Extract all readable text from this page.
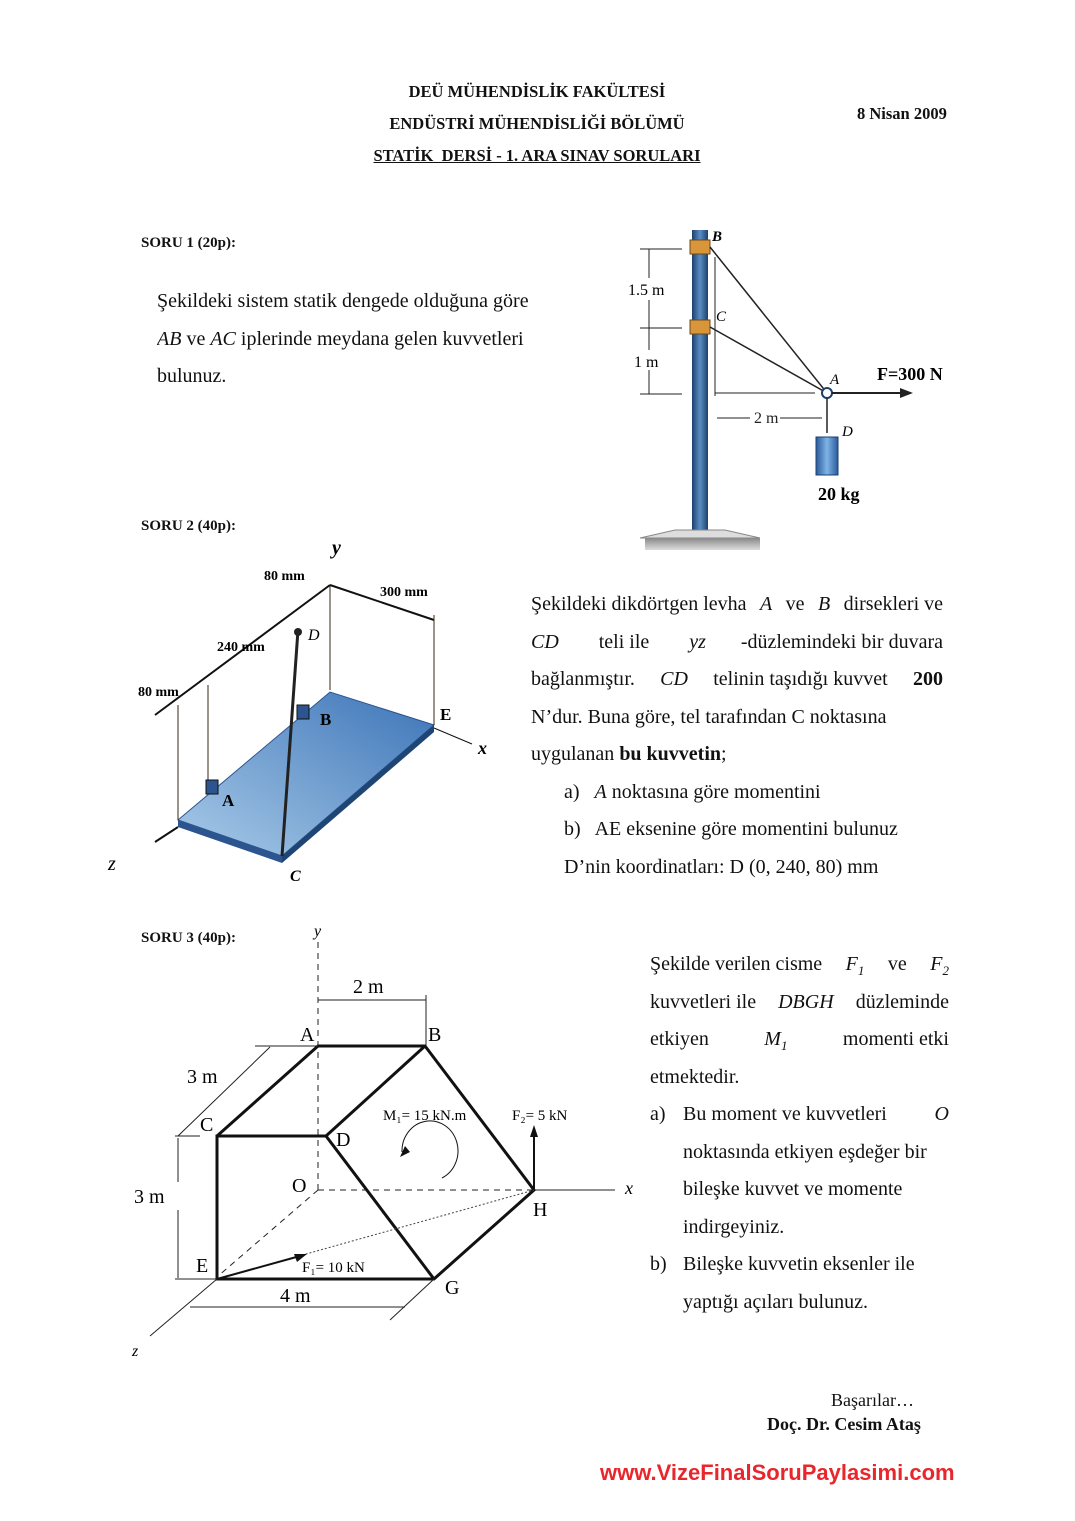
DEÜ MÜHENDİSLİK FAKÜLTESİ
ENDÜSTRİ MÜHENDİSLİĞİ BÖLÜMÜ
STATİK  DERSİ - 1. ARA SINAV SORULARI
8 Nisan 2009
SORU 1 (20p):
Şekildeki sistem statik dengede olduğuna göre
AB ve AC iplerinde meydana gelen kuvvetleri
bulunuz.
1.5 m
1 m
2 m
B
C
A
D
F=300 N
20 kg
SORU 2 (40p):
y
x
z
80 mm
300 mm
240 mm
80 mm
A
B
C
D
E
Şekildeki dikdörtgen levha A ve B dirsekleri ve
CD teli ile yz -düzlemindeki bir duvara
bağlanmıştır. CD telinin taşıdığı kuvvet 200
N’dur. Buna göre, tel tarafından C noktasına
uygulanan bu kuvvetin;
a) A noktasına göre momentini
b) AE eksenine göre momentini bulunuz
D’nin koordinatları: D (0, 240, 80) mm
SORU 3 (40p):	y
x
z
A	B
C
D
E
G
H
O
2 m
3 m
3 m
4 m
M₁= 15 kN.m	F₂= 5 kN
F₁= 10 kN
Şekilde verilen cisme $F_1$ ve $F_2$
kuvvetleri ile DBGH düzleminde
etkiyen	$M_1$	momenti etki
etmektedir.
a) Bu moment ve kuvvetleri O
noktasında etkiyen eşdeğer bir
bileşke kuvvet ve momente
indirgeyiniz.
b) Bileşke kuvvetin eksenler ile
yaptığı açıları bulunuz.
Başarılar…
Doç. Dr. Cesim Ataş
www.VizeFinalSoruPaylasimi.com
